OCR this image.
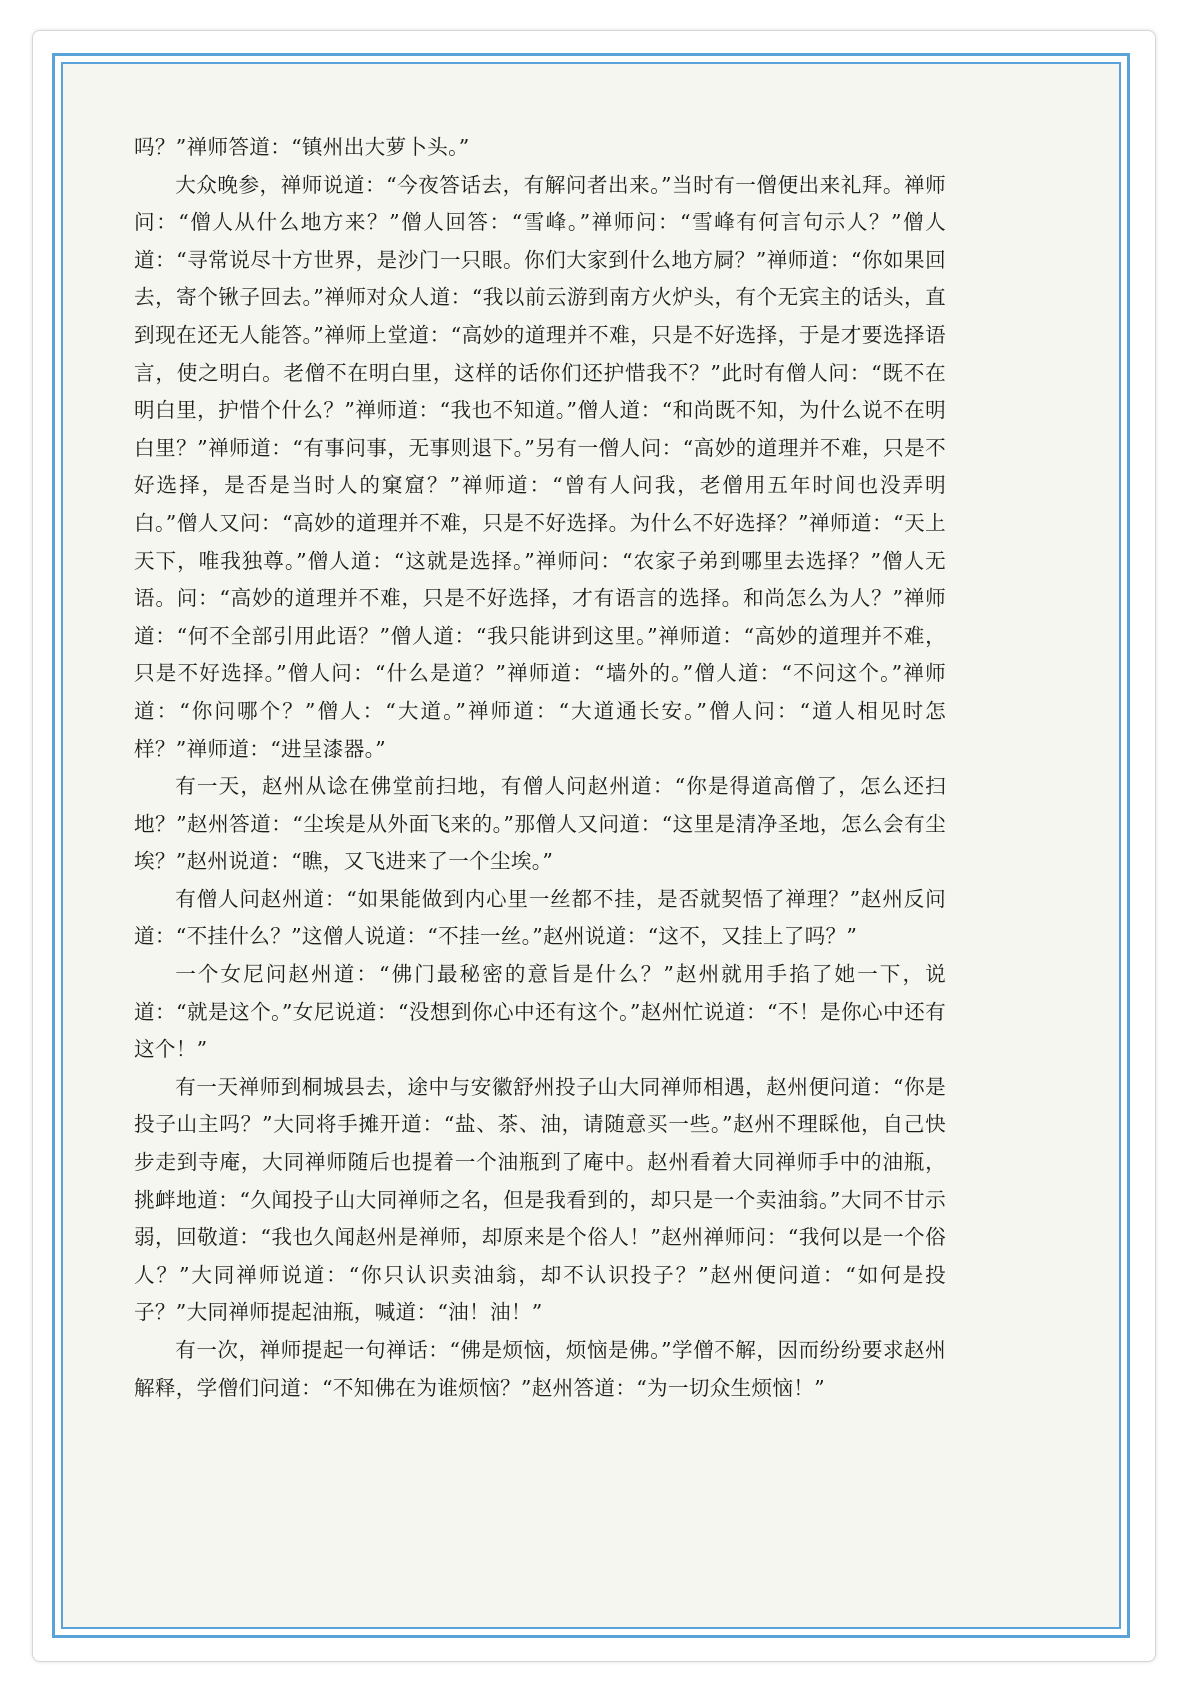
吗？”禅师答道：“镇州出大萝卜头。”

大众晚参，禅师说道：“今夜答话去，有解问者出来。”当时有一僧便出来礼拜。禅师问：“僧人从什么地方来？”僧人回答：“雪峰。”禅师问：“雪峰有何言句示人？”僧人道：“寻常说尽十方世界，是沙门一只眼。你们大家到什么地方屙？”禅师道：“你如果回去，寄个锹子回去。”禅师对众人道：“我以前云游到南方火炉头，有个无宾主的话头，直到现在还无人能答。”禅师上堂道：“高妙的道理并不难，只是不好选择，于是才要选择语言，使之明白。老僧不在明白里，这样的话你们还护惜我不？”此时有僧人问：“既不在明白里，护惜个什么？”禅师道：“我也不知道。”僧人道：“和尚既不知，为什么说不在明白里？”禅师道：“有事问事，无事则退下。”另有一僧人问：“高妙的道理并不难，只是不好选择，是否是当时人的窠窟？”禅师道：“曾有人问我，老僧用五年时间也没弄明白。”僧人又问：“高妙的道理并不难，只是不好选择。为什么不好选择？”禅师道：“天上天下，唯我独尊。”僧人道：“这就是选择。”禅师问：“农家子弟到哪里去选择？”僧人无语。问：“高妙的道理并不难，只是不好选择，才有语言的选择。和尚怎么为人？”禅师道：“何不全部引用此语？”僧人道：“我只能讲到这里。”禅师道：“高妙的道理并不难，只是不好选择。”僧人问：“什么是道？”禅师道：“墙外的。”僧人道：“不问这个。”禅师道：“你问哪个？”僧人：“大道。”禅师道：“大道通长安。”僧人问：“道人相见时怎样？”禅师道：“进呈漆器。”

有一天，赵州从谂在佛堂前扫地，有僧人问赵州道：“你是得道高僧了，怎么还扫地？”赵州答道：“尘埃是从外面飞来的。”那僧人又问道：“这里是清净圣地，怎么会有尘埃？”赵州说道：“瞧，又飞进来了一个尘埃。”

有僧人问赵州道：“如果能做到内心里一丝都不挂，是否就契悟了禅理？”赵州反问道：“不挂什么？”这僧人说道：“不挂一丝。”赵州说道：“这不，又挂上了吗？”

一个女尼问赵州道：“佛门最秘密的意旨是什么？”赵州就用手掐了她一下，说道：“就是这个。”女尼说道：“没想到你心中还有这个。”赵州忙说道：“不！是你心中还有这个！”

有一天禅师到桐城县去，途中与安徽舒州投子山大同禅师相遇，赵州便问道：“你是投子山主吗？”大同将手摊开道：“盐、茶、油，请随意买一些。”赵州不理睬他，自己快步走到寺庵，大同禅师随后也提着一个油瓶到了庵中。赵州看着大同禅师手中的油瓶，挑衅地道：“久闻投子山大同禅师之名，但是我看到的，却只是一个卖油翁。”大同不甘示弱，回敬道：“我也久闻赵州是禅师，却原来是个俗人！”赵州禅师问：“我何以是一个俗人？”大同禅师说道：“你只认识卖油翁，却不认识投子？”赵州便问道：“如何是投子？”大同禅师提起油瓶，喊道：“油！油！”

有一次，禅师提起一句禅话：“佛是烦恼，烦恼是佛。”学僧不解，因而纷纷要求赵州解释，学僧们问道：“不知佛在为谁烦恼？”赵州答道：“为一切众生烦恼！”
